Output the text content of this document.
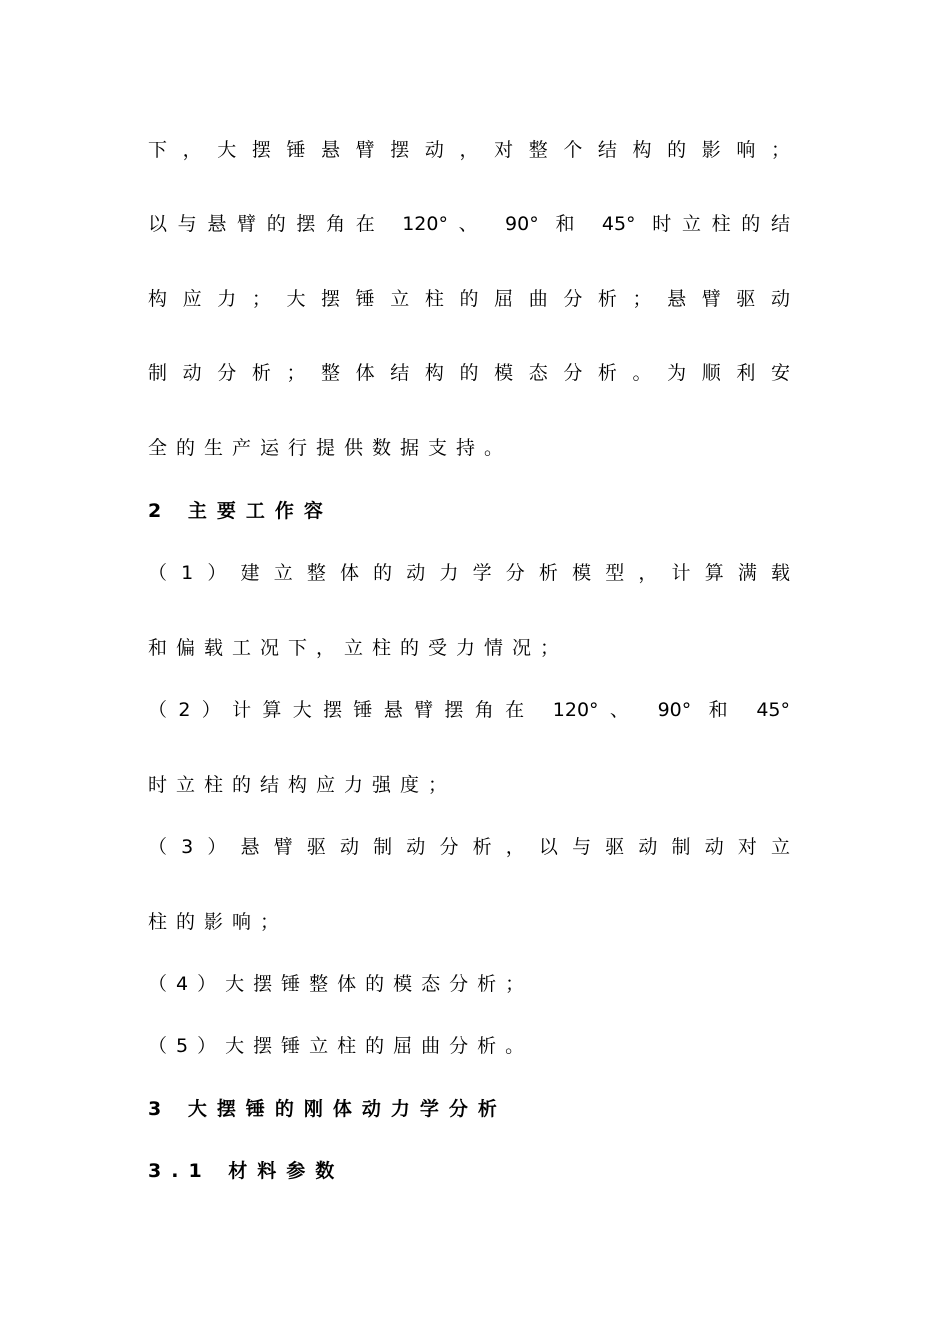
下，大摆锤悬臂摆动，对整个结构的影响；
以与悬臂的摆角在 120°、 90° 和 45° 时立柱的结
构应力；大摆锤立柱的屈曲分析；悬臂驱动
制动分析；整体结构的模态分析。为顺利安
全的生产运行提供数据支持。
2 主要工作容
（1）建立整体的动力学分析模型，计算满载
和偏载工况下，立柱的受力情况；
（2）计算大摆锤悬臂摆角在 120°、 90° 和 45°
时立柱的结构应力强度；
（3）悬臂驱动制动分析，以与驱动制动对立
柱的影响；
（4）大摆锤整体的模态分析；
（5）大摆锤立柱的屈曲分析。
3 大摆锤的刚体动力学分析
3.1 材料参数
